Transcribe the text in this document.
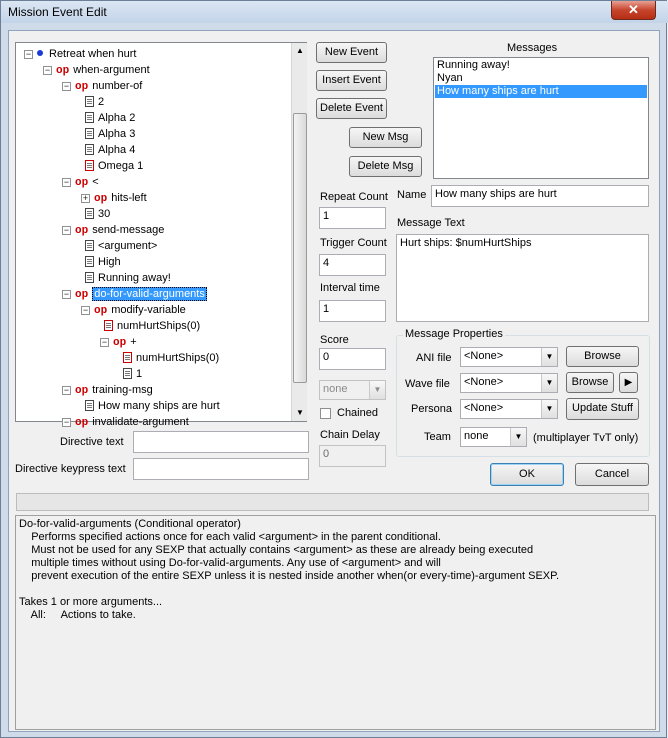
Mission Event Edit	✕
− Retreat when hurt
− op when-argument
− op number-of
2
Alpha 2
Alpha 3
Alpha 4
Omega 1
− op <
+ op hits-left
30
− op send-message
<argument>
High
Running away!
− op do-for-valid-arguments
− op modify-variable
numHurtShips(0)
− op +
numHurtShips(0)
1
− op training-msg
How many ships are hurt
− op invalidate-argument
▲
▼
New Event
Insert Event
Delete Event
New Msg
Delete Msg
Messages
Running away!
Nyan
How many ships are hurt
Repeat Count
1
Trigger Count
4
Interval time
1
Score
0
none	▼
Chained
Chain Delay
0
Name How many ships are hurt
Message Text
Hurt ships: $numHurtShips
Message Properties
ANI file	<None>	▼	Browse
Wave file	<None>	▼	Browse	▶
Persona	<None>	▼	Update Stuff
Team	none	▼ (multiplayer TvT only)
Directive text
Directive keypress text	OK	Cancel
Do-for-valid-arguments (Conditional operator)
Performs specified actions once for each valid <argument> in the parent conditional.
Must not be used for any SEXP that actually contains <argument> as these are already being executed
multiple times without using Do-for-valid-arguments. Any use of <argument> and will
prevent execution of the entire SEXP unless it is nested inside another when(or every-time)-argument SEXP.
Takes 1 or more arguments...
All:     Actions to take.
